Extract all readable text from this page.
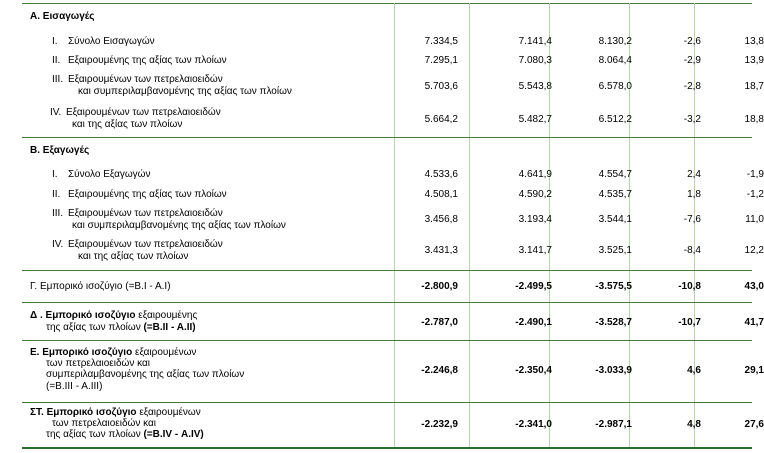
Α. Εισαγωγές
I. Σύνολο Εισαγωγών	7.334,5	7.141,4	8.130,2	-2,6	13,8
II. Εξαιρουμένης της αξίας των πλοίων	7.295,1	7.080,3	8.064,4	-2,9	13,9
III. Εξαιρουμένων των πετρελαιοειδών
και συμπεριλαμβανομένης της αξίας των πλοίων	5.703,6	5.543,8	6.578,0	-2,8	18,7
IV. Εξαιρουμένων των πετρελαιοειδών
και της αξίας των πλοίων	5.664,2	5.482,7	6.512,2	-3,2	18,8
Β. Εξαγωγές
I. Σύνολο Εξαγωγών	4.533,6	4.641,9	4.554,7	2,4	-1,9
II. Εξαιρουμένης της αξίας των πλοίων	4.508,1	4.590,2	4.535,7	1,8	-1,2
III. Εξαιρουμένων των πετρελαιοειδών
και συμπεριλαμβανομένης της αξίας των πλοίων
3.456,8	3.193,4	3.544,1	-7,6	11,0
IV. Εξαιρουμένων των πετρελαιοειδών
και της αξίας των πλοίων
3.431,3	3.141,7	3.525,1	-8,4	12,2
Γ. Εμπορικό ισοζύγιο (=Β.Ι - Α.Ι)	-2.800,9	-2.499,5	-3.575,5	-10,8	43,0
Δ . Εμπορικό ισοζύγιο εξαιρουμένης
της αξίας των πλοίων (=Β.ΙΙ - Α.ΙΙ)	-2.787,0	-2.490,1	-3.528,7	-10,7	41,7
Ε. Εμπορικό ισοζύγιο εξαιρουμένων
των πετρελαιοειδών και
συμπεριλαμβανομένης της αξίας των πλοίων
(=Β.ΙΙΙ - Α.ΙΙΙ)
-2.246,8	-2.350,4	-3.033,9	4,6	29,1
ΣΤ. Εμπορικό ισοζύγιο εξαιρουμένων
των πετρελαιοειδών και
της αξίας των πλοίων (=Β.ΙV - Α.ΙV)
-2.232,9	-2.341,0	-2.987,1	4,8	27,6
